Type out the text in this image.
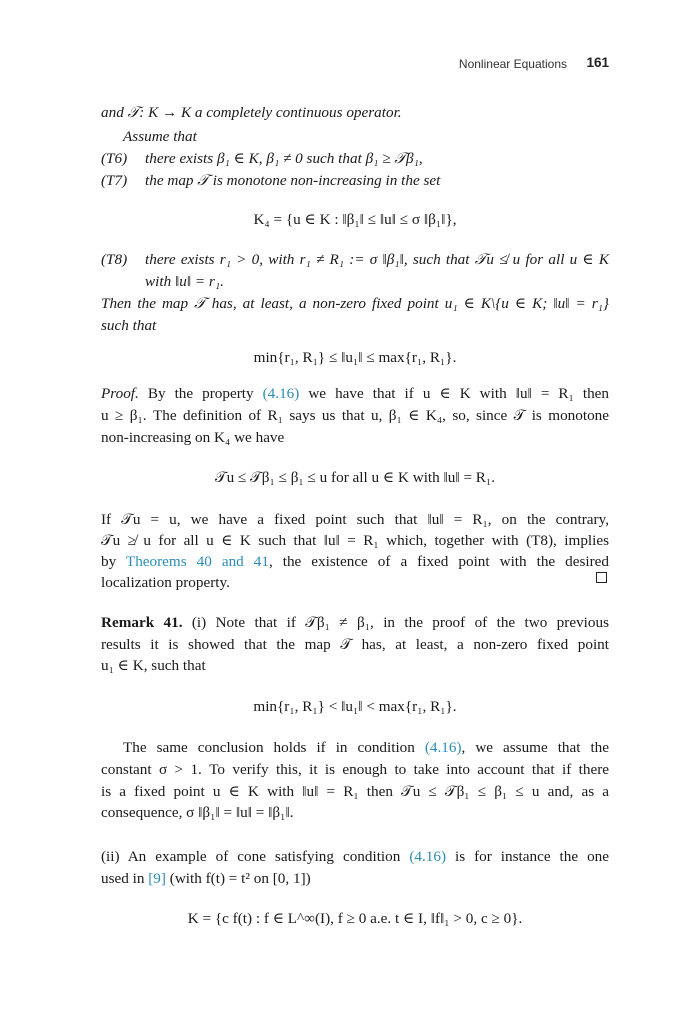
Nonlinear Equations 161
and 𝒯: K → K a completely continuous operator.
Assume that
(T6) there exists β₁ ∈ K, β₁ ≠ 0 such that β₁ ≥ 𝒯β₁,
(T7) the map 𝒯 is monotone non-increasing in the set
K₄ = {u ∈ K : ‖β₁‖ ≤ ‖u‖ ≤ σ ‖β₁‖},
(T8) there exists r₁ > 0, with r₁ ≠ R₁ := σ ‖β₁‖, such that 𝒯u ≰ u for all u ∈ K
with ‖u‖ = r₁.
Then the map 𝒯 has, at least, a non-zero fixed point u₁ ∈ K\{u ∈ K; ‖u‖ = r₁}
such that
min{r₁, R₁} ≤ ‖u₁‖ ≤ max{r₁, R₁}.
Proof. By the property (4.16) we have that if u ∈ K with ‖u‖ = R₁ then
u ≥ β₁. The definition of R₁ says us that u, β₁ ∈ K₄, so, since 𝒯 is monotone
non-increasing on K₄ we have
𝒯u ≤ 𝒯β₁ ≤ β₁ ≤ u for all u ∈ K with ‖u‖ = R₁.
If 𝒯u = u, we have a fixed point such that ‖u‖ = R₁, on the contrary,
𝒯u ≱ u for all u ∈ K such that ‖u‖ = R₁ which, together with (T8), implies
by Theorems 40 and 41, the existence of a fixed point with the desired
localization property.
Remark 41. (i) Note that if 𝒯β₁ ≠ β₁, in the proof of the two previous
results it is showed that the map 𝒯 has, at least, a non-zero fixed point
u₁ ∈ K, such that
min{r₁, R₁} < ‖u₁‖ < max{r₁, R₁}.
The same conclusion holds if in condition (4.16), we assume that the
constant σ > 1. To verify this, it is enough to take into account that if there
is a fixed point u ∈ K with ‖u‖ = R₁ then 𝒯u ≤ 𝒯β₁ ≤ β₁ ≤ u and, as a
consequence, σ ‖β₁‖ = ‖u‖ = ‖β₁‖.
(ii) An example of cone satisfying condition (4.16) is for instance the one
used in [9] (with f(t) = t² on [0, 1])
K = {c f(t) : f ∈ L^∞(I), f ≥ 0 a.e. t ∈ I, ‖f‖₁ > 0, c ≥ 0}.
